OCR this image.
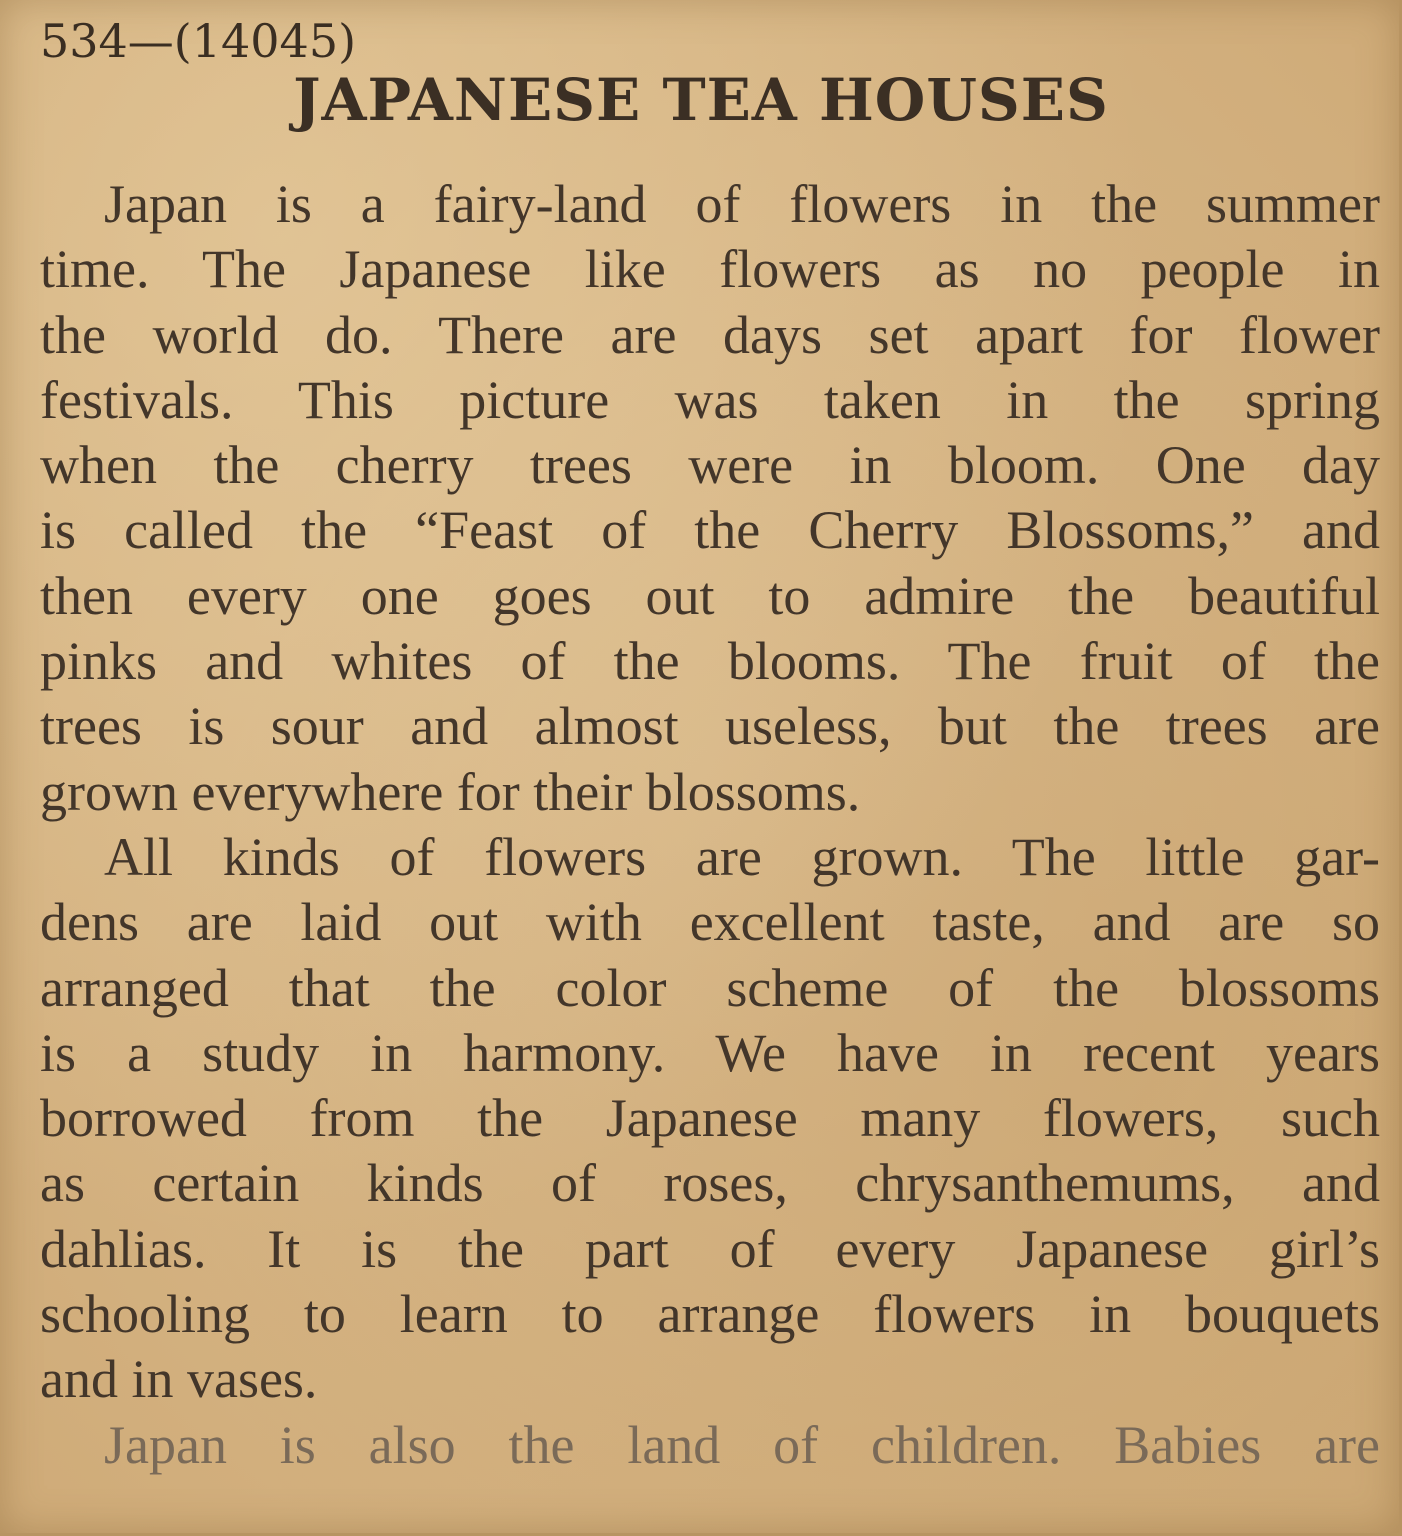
534—(14045)
JAPANESE TEA HOUSES
Japan is a fairy-land of flowers in the summer
time. The Japanese like flowers as no people in
the world do. There are days set apart for flower
festivals. This picture was taken in the spring
when the cherry trees were in bloom. One day
is called the “Feast of the Cherry Blossoms,” and
then every one goes out to admire the beautiful
pinks and whites of the blooms. The fruit of the
trees is sour and almost useless, but the trees are
grown everywhere for their blossoms.
All kinds of flowers are grown. The little gar-
dens are laid out with excellent taste, and are so
arranged that the color scheme of the blossoms
is a study in harmony. We have in recent years
borrowed from the Japanese many flowers, such
as certain kinds of roses, chrysanthemums, and
dahlias. It is the part of every Japanese girl’s
schooling to learn to arrange flowers in bouquets
and in vases.
Japan is also the land of children. Babies are
